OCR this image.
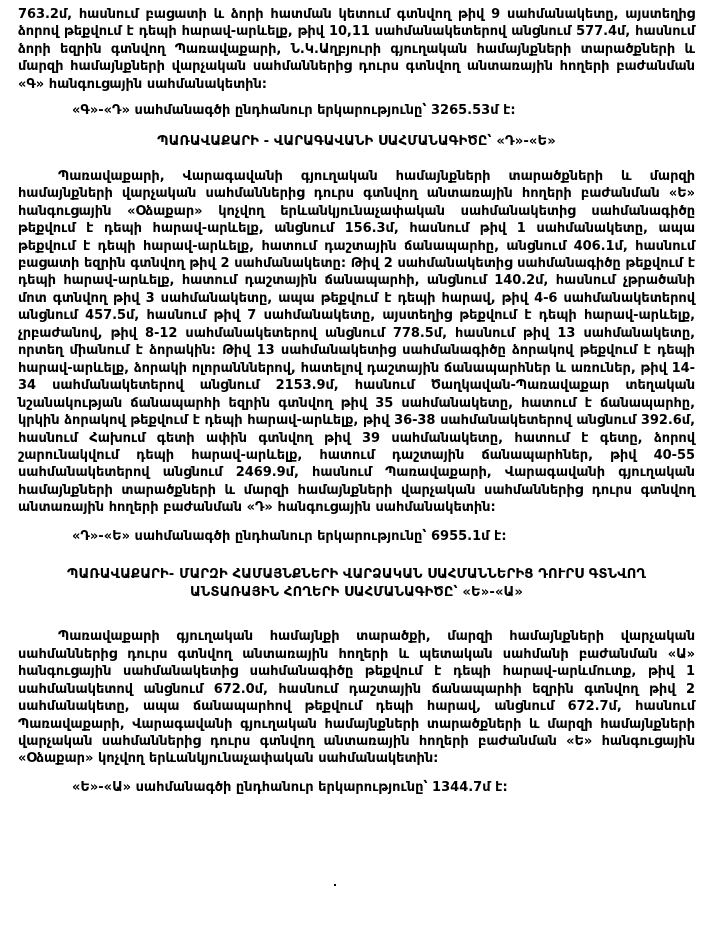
763.2մ, հասնում բացատի և ձորի հատման կետում գտնվող թիվ 9 սահմանակետը, այստեղից ձորով թեքվում է դեպի հարավ-արևելք, թիվ 10,11 սահմանակետերով անցնում 577.4մ, հասնում ձորի եզրին գտնվող Պառավաքարի, Ն.Կ.Աղբյուրի գյուղական համայնքների տարածքների և մարզի համայնքների վարչական սահմաններից դուրս գտնվող անտառային հողերի բաժանման «Գ» հանգուցային սահմանակետին:

«Գ»-«Դ» սահմանագծի ընդհանուր երկարությունը՝ 3265.53մ է:

ՊԱՌԱՎԱՔԱՐԻ - ՎԱՐԱԳԱՎԱՆԻ ՍԱՀՄԱՆԱԳԻԾԸ՝ «Դ»-«Ե»

Պառավաքարի, Վարագավանի գյուղական համայնքների տարածքների և մարզի համայնքների վարչական սահմաններից դուրս գտնվող անտառային հողերի բաժանման «Ե» հանգուցային «Օձաքար» կոչվող երևանկյունաչափական սահմանակետից սահմանագիծը թեքվում է դեպի հարավ-արևելք, անցնում 156.3մ, հասնում թիվ 1 սահմանակետը, ապա թեքվում է դեպի հարավ-արևելք, հատում դաշտային ճանապարհը, անցնում 406.1մ, հասնում բացատի եզրին գտնվող թիվ 2 սահմանակետը: Թիվ 2 սահմանակետից սահմանագիծը թեքվում է դեպի հարավ-արևելք, հատում դաշտային ճանապարհի, անցնում 140.2մ, հասնում չթրածանի մոտ գտնվող թիվ 3 սահմանակետը, ապա թեքվում է դեպի հարավ, թիվ 4-6 սահմանակետերով անցնում 457.5մ, հասնում թիվ 7 սահմանակետը, այստեղից թեքվում է դեպի հարավ-արևելք, չրբաժանով, թիվ 8-12 սահմանակետերով անցնում 778.5մ, հասնում թիվ 13 սահմանակետը, որտեղ միանում է ձորակին: Թիվ 13 սահմանակետից սահմանագիծը ձորակով թեքվում է դեպի հարավ-արևելք, ձորակի ոլորանններով, հատելով դաշտային ճանապարհներ և առուներ, թիվ 14-34 սահմանակետերով անցնում 2153.9մ, հասնում Ծաղկավան-Պառավաքար տեղական նշանակության ճանապարհի եզրին գտնվող թիվ 35 սահմանակետը, հատում է ճանապարհը, կրկին ձորակով թեքվում է դեպի հարավ-արևելք, թիվ 36-38 սահմանակետերով անցնում 392.6մ, հասնում Հախում գետի ափին գտնվող թիվ 39 սահմանակետը, հատում է գետը, ձորով շարունակվում դեպի հարավ-արևելք, հատում դաշտային ճանապարհներ, թիվ 40-55 սահմանակետերով անցնում 2469.9մ, հասնում Պառավաքարի, Վարագավանի գյուղական համայնքների տարածքների և մարզի համայնքների վարչական սահմաններից դուրս գտնվող անտառային հողերի բաժանման «Դ» հանգուցային սահմանակետին:

«Դ»-«Ե» սահմանագծի ընդհանուր երկարությունը՝ 6955.1մ է:

ՊԱՌԱՎԱՔԱՐԻ- ՄԱՐԶԻ ՀԱՄԱՅՆՔՆԵՐԻ ՎԱՐՁԱԿԱՆ ՍԱՀՄԱՆՆԵՐԻՑ ԴՈՒՐՍ ԳՏՆՎՈՂ
ԱՆՏԱՌԱՅԻՆ ՀՈՂԵՐԻ ՍԱՀՄԱՆԱԳԻԾԸ՝ «Ե»-«Ա»

Պառավաքարի գյուղական համայնքի տարածքի, մարզի համայնքների վարչական սահմաններից դուրս գտնվող անտառային հողերի և պետական սահմանի բաժանման «Ա» հանգուցային սահմանակետից սահմանագիծը թեքվում է դեպի հարավ-արևմուտք, թիվ 1 սահմանակետով անցնում 672.0մ, հասնում դաշտային ճանապարհի եզրին գտնվող թիվ 2 սահմանակետը, ապա ճանապարհով թեքվում դեպի հարավ, անցնում 672.7մ, հասնում Պառավաքարի, Վարագավանի գյուղական համայնքների տարածքների և մարզի համայնքների վարչական սահմաններից դուրս գտնվող անտառային հողերի բաժանման «Ե» հանգուցային «Օձաքար» կոչվող երևանկյունաչափական սահմանակետին:

«Ե»-«Ա» սահմանագծի ընդհանուր երկարությունը՝ 1344.7մ է:
